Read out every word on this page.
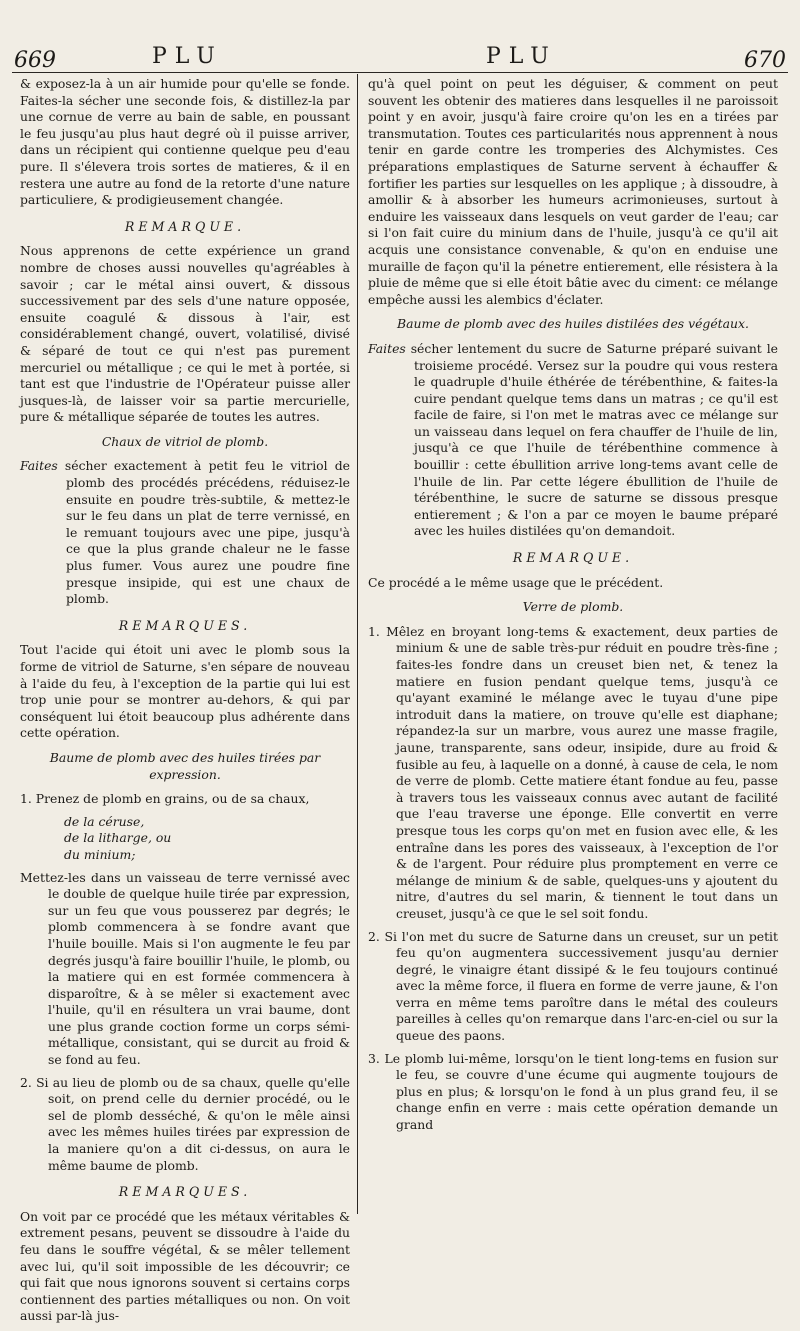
669	PLU	PLU	670

& exposez-la à un air humide pour qu'elle se fonde. Faites-la sécher une seconde fois, & distillez-la par une cornue de verre au bain de sable, en poussant le feu jusqu'au plus haut degré où il puisse arriver, dans un récipient qui contienne quelque peu d'eau pure. Il s'élevera trois sortes de matieres, & il en restera une autre au fond de la retorte d'une nature particuliere, & prodigieusement changée.

REMARQUE.

Nous apprenons de cette expérience un grand nombre de choses aussi nouvelles qu'agréables à savoir ; car le métal ainsi ouvert, & dissous successivement par des sels d'une nature opposée, ensuite coagulé & dissous à l'air, est considérablement changé, ouvert, volatilisé, divisé & séparé de tout ce qui n'est pas purement mercuriel ou métallique ; ce qui le met à portée, si tant est que l'industrie de l'Opérateur puisse aller jusques-là, de laisser voir sa partie mercurielle, pure & métallique séparée de toutes les autres.

Chaux de vitriol de plomb.

Faites sécher exactement à petit feu le vitriol de plomb des procédés précédens, réduisez-le ensuite en poudre très-subtile, & mettez-le sur le feu dans un plat de terre vernissé, en le remuant toujours avec une pipe, jusqu'à ce que la plus grande chaleur ne le fasse plus fumer. Vous aurez une poudre fine presque insipide, qui est une chaux de plomb.

REMARQUES.

Tout l'acide qui étoit uni avec le plomb sous la forme de vitriol de Saturne, s'en sépare de nouveau à l'aide du feu, à l'exception de la partie qui lui est trop unie pour se montrer au-dehors, & qui par conséquent lui étoit beaucoup plus adhérente dans cette opération.

Baume de plomb avec des huiles tirées par expression.

1. Prenez de plomb en grains, ou de sa chaux,

de la céruse,
de la litharge, ou
du minium;

Mettez-les dans un vaisseau de terre vernissé avec le double de quelque huile tirée par expression, sur un feu que vous pousserez par degrés; le plomb commencera à se fondre avant que l'huile bouille. Mais si l'on augmente le feu par degrés jusqu'à faire bouillir l'huile, le plomb, ou la matiere qui en est formée commencera à disparoître, & à se mêler si exactement avec l'huile, qu'il en résultera un vrai baume, dont une plus grande coction forme un corps sémi-métallique, consistant, qui se durcit au froid & se fond au feu.

2. Si au lieu de plomb ou de sa chaux, quelle qu'elle soit, on prend celle du dernier procédé, ou le sel de plomb desséché, & qu'on le mêle ainsi avec les mêmes huiles tirées par expression de la maniere qu'on a dit ci-dessus, on aura le même baume de plomb.

REMARQUES.

On voit par ce procédé que les métaux véritables & extrement pesans, peuvent se dissoudre à l'aide du feu dans le souffre végétal, & se mêler tellement avec lui, qu'il soit impossible de les découvrir; ce qui fait que nous ignorons souvent si certains corps contiennent des parties métalliques ou non. On voit aussi par-là jus-

qu'à quel point on peut les déguiser, & comment on peut souvent les obtenir des matieres dans lesquelles il ne paroissoit point y en avoir, jusqu'à faire croire qu'on les en a tirées par transmutation. Toutes ces particularités nous apprennent à nous tenir en garde contre les tromperies des Alchymistes. Ces préparations emplastiques de Saturne servent à échauffer & fortifier les parties sur lesquelles on les applique ; à dissoudre, à amollir & à absorber les humeurs acrimonieuses, surtout à enduire les vaisseaux dans lesquels on veut garder de l'eau; car si l'on fait cuire du minium dans de l'huile, jusqu'à ce qu'il ait acquis une consistance convenable, & qu'on en enduise une muraille de façon qu'il la pénetre entierement, elle résistera à la pluie de même que si elle étoit bâtie avec du ciment: ce mélange empêche aussi les alembics d'éclater.

Baume de plomb avec des huiles distilées des végétaux.

Faites sécher lentement du sucre de Saturne préparé suivant le troisieme procédé. Versez sur la poudre qui vous restera le quadruple d'huile éthérée de térébenthine, & faites-la cuire pendant quelque tems dans un matras ; ce qu'il est facile de faire, si l'on met le matras avec ce mélange sur un vaisseau dans lequel on fera chauffer de l'huile de lin, jusqu'à ce que l'huile de térébenthine commence à bouillir : cette ébullition arrive long-tems avant celle de l'huile de lin. Par cette légere ébullition de l'huile de térébenthine, le sucre de saturne se dissous presque entierement ; & l'on a par ce moyen le baume préparé avec les huiles distilées qu'on demandoit.

REMARQUE.

Ce procédé a le même usage que le précédent.

Verre de plomb.

1. Mêlez en broyant long-tems & exactement, deux parties de minium & une de sable très-pur réduit en poudre très-fine ; faites-les fondre dans un creuset bien net, & tenez la matiere en fusion pendant quelque tems, jusqu'à ce qu'ayant examiné le mélange avec le tuyau d'une pipe introduit dans la matiere, on trouve qu'elle est diaphane; répandez-la sur un marbre, vous aurez une masse fragile, jaune, transparente, sans odeur, insipide, dure au froid & fusible au feu, à laquelle on a donné, à cause de cela, le nom de verre de plomb. Cette matiere étant fondue au feu, passe à travers tous les vaisseaux connus avec autant de facilité que l'eau traverse une éponge. Elle convertit en verre presque tous les corps qu'on met en fusion avec elle, & les entraîne dans les pores des vaisseaux, à l'exception de l'or & de l'argent. Pour réduire plus promptement en verre ce mélange de minium & de sable, quelques-uns y ajoutent du nitre, d'autres du sel marin, & tiennent le tout dans un creuset, jusqu'à ce que le sel soit fondu.

2. Si l'on met du sucre de Saturne dans un creuset, sur un petit feu qu'on augmentera successivement jusqu'au dernier degré, le vinaigre étant dissipé & le feu toujours continué avec la même force, il fluera en forme de verre jaune, & l'on verra en même tems paroître dans le métal des couleurs pareilles à celles qu'on remarque dans l'arc-en-ciel ou sur la queue des paons.

3. Le plomb lui-même, lorsqu'on le tient long-tems en fusion sur le feu, se couvre d'une écume qui augmente toujours de plus en plus; & lorsqu'on le fond à un plus grand feu, il se change enfin en verre : mais cette opération demande un grand
